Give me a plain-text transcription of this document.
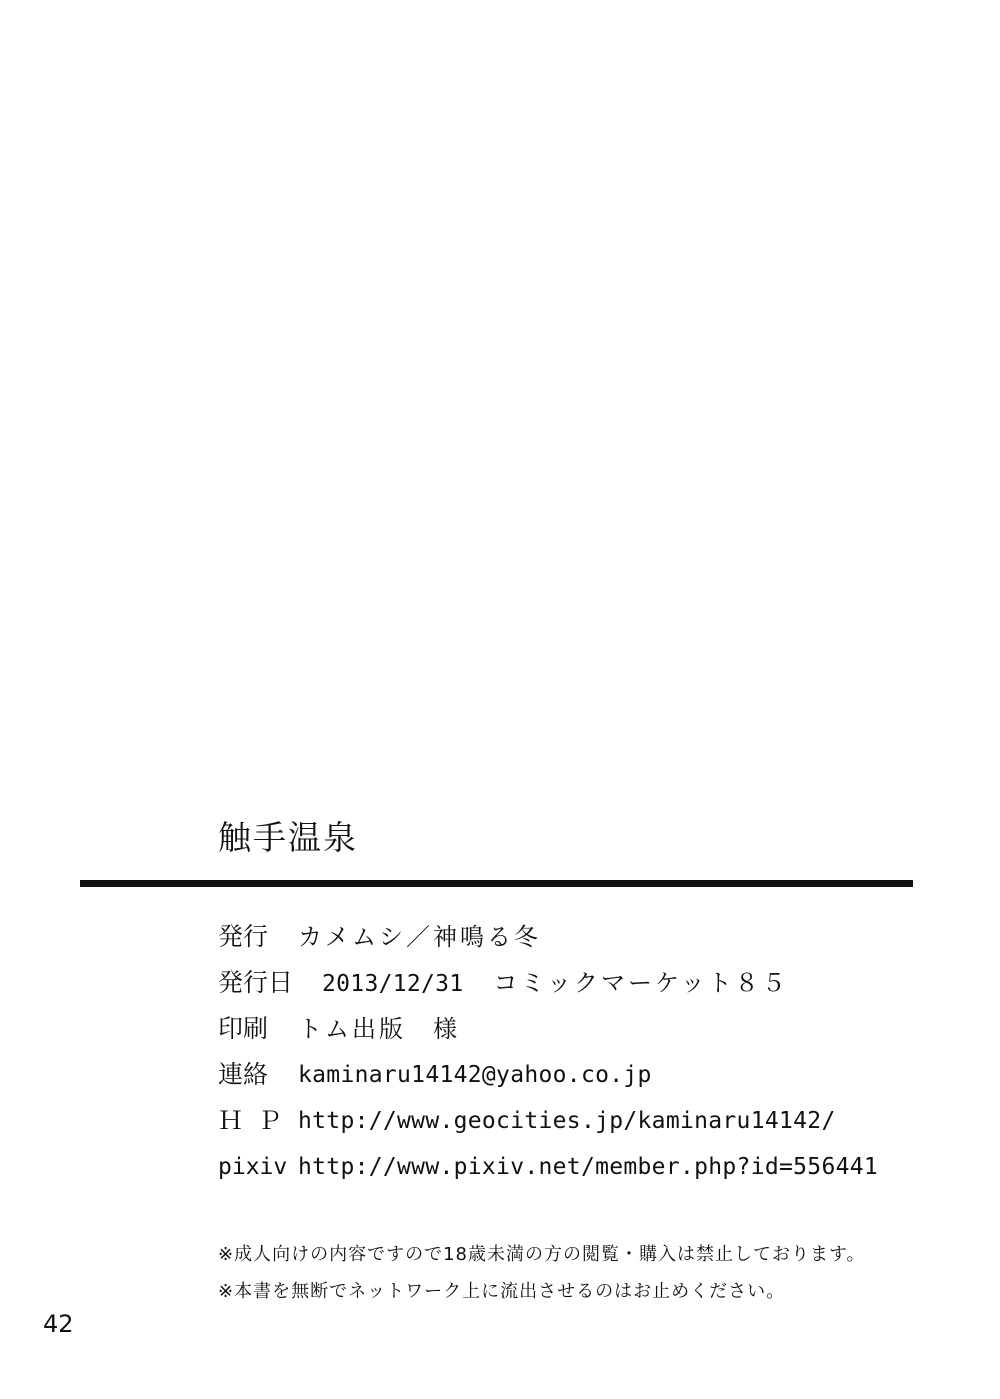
触手温泉
発行 カメムシ／神鳴る冬
発行日 2013/12/31 コミックマーケット８５
印刷 トム出版　様
連絡 kaminaru14142@yahoo.co.jp
ＨＰ http://www.geocities.jp/kaminaru14142/
pixiv http://www.pixiv.net/member.php?id=556441
※成人向けの内容ですので18歳未満の方の閲覧・購入は禁止しております。
※本書を無断でネットワーク上に流出させるのはお止めください。
42
